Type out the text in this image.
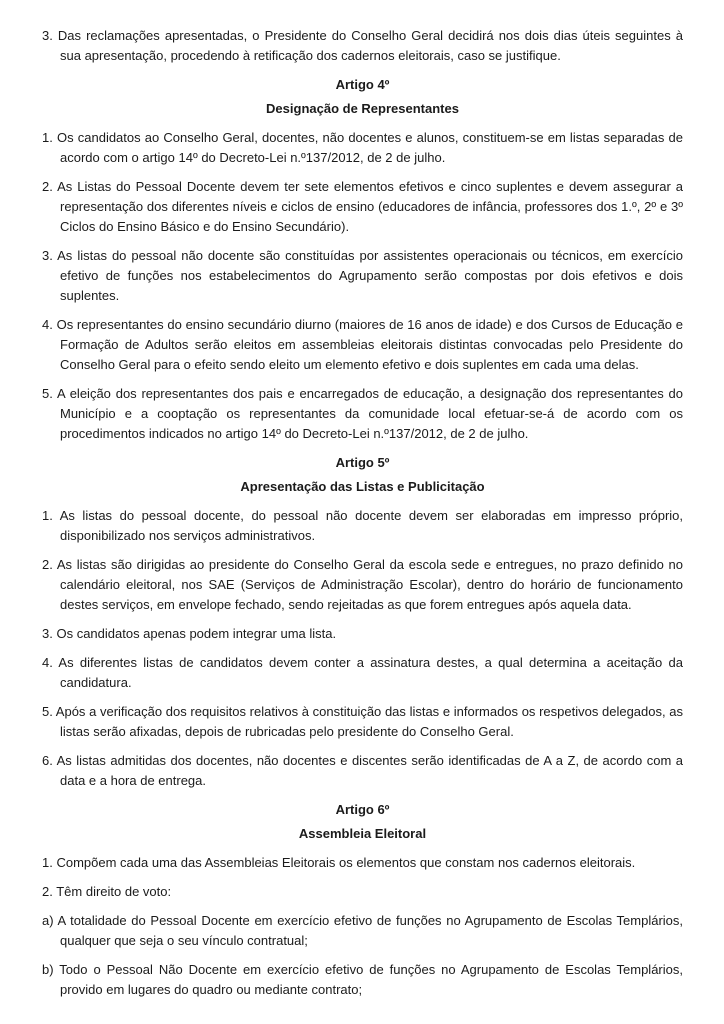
3. Das reclamações apresentadas, o Presidente do Conselho Geral decidirá nos dois dias úteis seguintes à sua apresentação, procedendo à retificação dos cadernos eleitorais, caso se justifique.

Artigo 4º

Designação de Representantes

1. Os candidatos ao Conselho Geral, docentes, não docentes e alunos, constituem-se em listas separadas de acordo com o artigo 14º do Decreto-Lei n.º137/2012, de 2 de julho.

2. As Listas do Pessoal Docente devem ter sete elementos efetivos e cinco suplentes e devem assegurar a representação dos diferentes níveis e ciclos de ensino (educadores de infância, professores dos 1.º, 2º e 3º Ciclos do Ensino Básico e do Ensino Secundário).

3. As listas do pessoal não docente são constituídas por assistentes operacionais ou técnicos, em exercício efetivo de funções nos estabelecimentos do Agrupamento serão compostas por dois efetivos e dois suplentes.

4. Os representantes do ensino secundário diurno (maiores de 16 anos de idade) e dos Cursos de Educação e Formação de Adultos serão eleitos em assembleias eleitorais distintas convocadas pelo Presidente do Conselho Geral para o efeito sendo eleito um elemento efetivo e dois suplentes em cada uma delas.

5. A eleição dos representantes dos pais e encarregados de educação, a designação dos representantes do Município e a cooptação os representantes da comunidade local efetuar-se-á de acordo com os procedimentos indicados no artigo 14º do Decreto-Lei n.º137/2012, de 2 de julho.

Artigo 5º

Apresentação das Listas e Publicitação

1. As listas do pessoal docente, do pessoal não docente devem ser elaboradas em impresso próprio, disponibilizado nos serviços administrativos.

2. As listas são dirigidas ao presidente do Conselho Geral da escola sede e entregues, no prazo definido no calendário eleitoral, nos SAE (Serviços de Administração Escolar), dentro do horário de funcionamento destes serviços, em envelope fechado, sendo rejeitadas as que forem entregues após aquela data.

3. Os candidatos apenas podem integrar uma lista.

4. As diferentes listas de candidatos devem conter a assinatura destes, a qual determina a aceitação da candidatura.

5. Após a verificação dos requisitos relativos à constituição das listas e informados os respetivos delegados, as listas serão afixadas, depois de rubricadas pelo presidente do Conselho Geral.

6. As listas admitidas dos docentes, não docentes e discentes serão identificadas de A a Z, de acordo com a data e a hora de entrega.

Artigo 6º

Assembleia Eleitoral

1. Compõem cada uma das Assembleias Eleitorais os elementos que constam nos cadernos eleitorais.

2. Têm direito de voto:

a) A totalidade do Pessoal Docente em exercício efetivo de funções no Agrupamento de Escolas Templários, qualquer que seja o seu vínculo contratual;

b) Todo o Pessoal Não Docente em exercício efetivo de funções no Agrupamento de Escolas Templários, provido em lugares do quadro ou mediante contrato;
